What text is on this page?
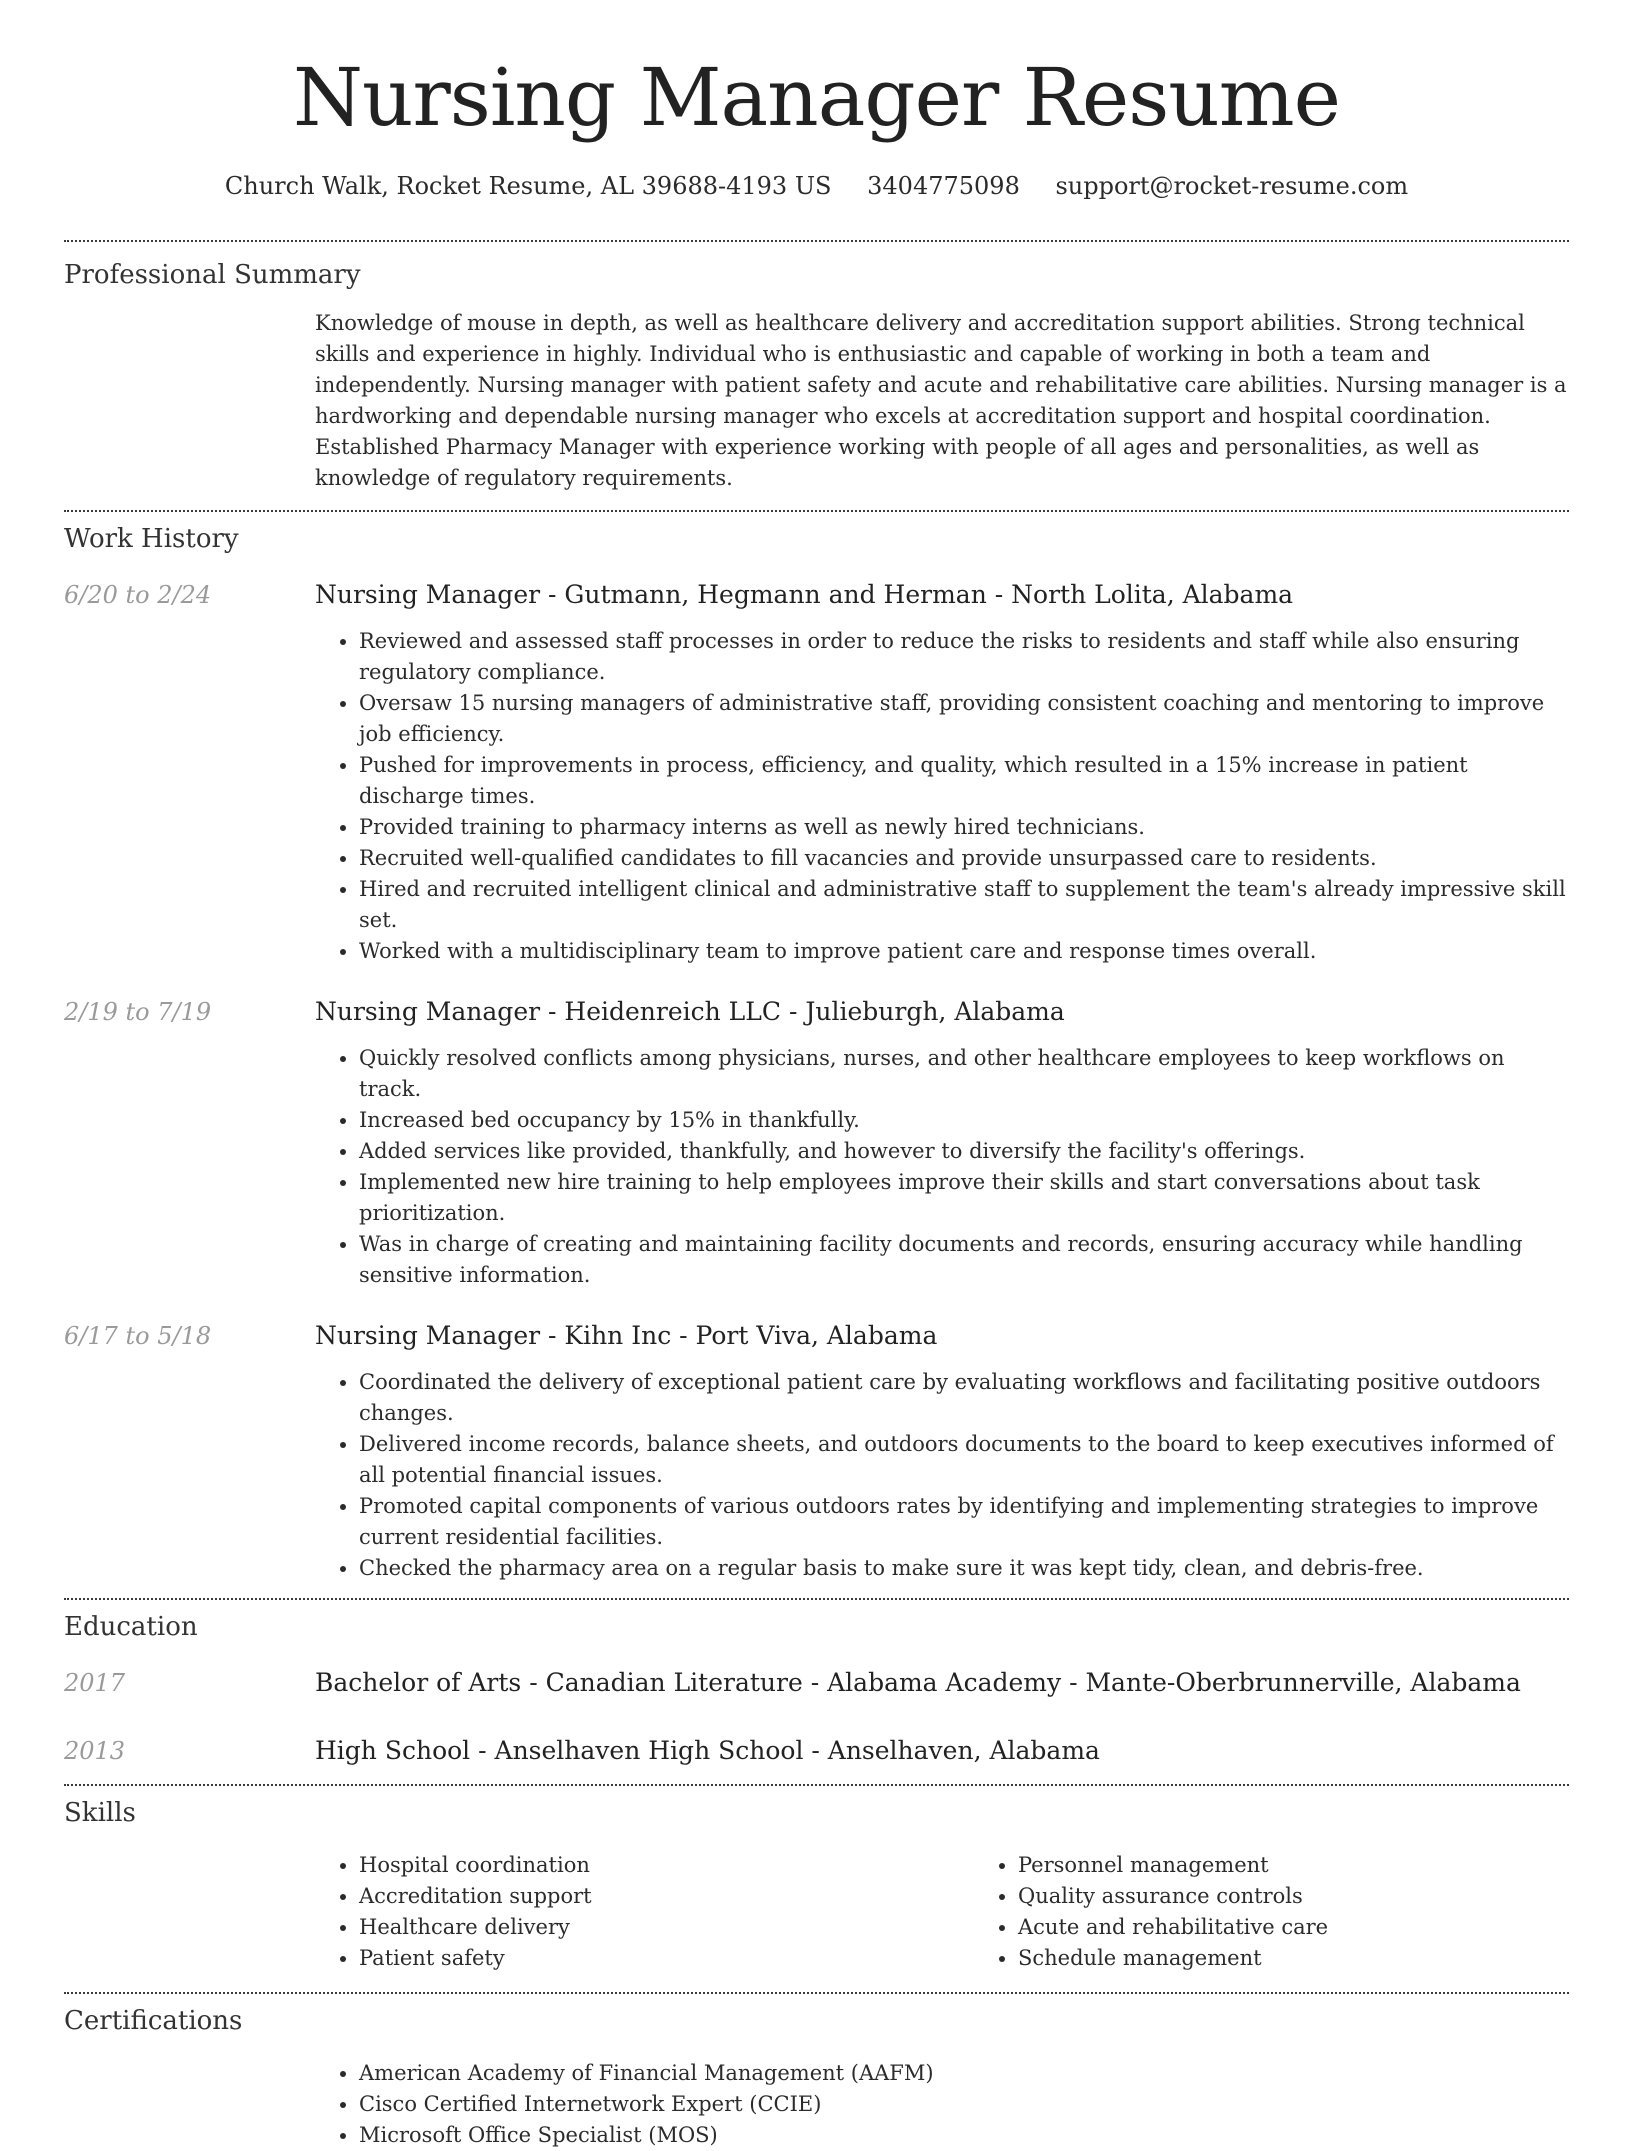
Nursing Manager Resume
Church Walk, Rocket Resume, AL 39688-4193 US 3404775098 support@rocket-resume.com
Professional Summary

Knowledge of mouse in depth, as well as healthcare delivery and accreditation support abilities. Strong technical skills and experience in highly. Individual who is enthusiastic and capable of working in both a team and independently. Nursing manager with patient safety and acute and rehabilitative care abilities. Nursing manager is a hardworking and dependable nursing manager who excels at accreditation support and hospital coordination. Established Pharmacy Manager with experience working with people of all ages and personalities, as well as knowledge of regulatory requirements.

Work History
6/20 to 2/24	Nursing Manager - Gutmann, Hegmann and Herman - North Lolita, Alabama
• Reviewed and assessed staff processes in order to reduce the risks to residents and staff while also ensuring regulatory compliance.
• Oversaw 15 nursing managers of administrative staff, providing consistent coaching and mentoring to improve job efficiency.
• Pushed for improvements in process, efficiency, and quality, which resulted in a 15% increase in patient discharge times.
• Provided training to pharmacy interns as well as newly hired technicians.
• Recruited well-qualified candidates to fill vacancies and provide unsurpassed care to residents.
• Hired and recruited intelligent clinical and administrative staff to supplement the team's already impressive skill set.
• Worked with a multidisciplinary team to improve patient care and response times overall.
2/19 to 7/19	Nursing Manager - Heidenreich LLC - Julieburgh, Alabama
• Quickly resolved conflicts among physicians, nurses, and other healthcare employees to keep workflows on track.
• Increased bed occupancy by 15% in thankfully.
• Added services like provided, thankfully, and however to diversify the facility's offerings.
• Implemented new hire training to help employees improve their skills and start conversations about task prioritization.
• Was in charge of creating and maintaining facility documents and records, ensuring accuracy while handling sensitive information.
6/17 to 5/18	Nursing Manager - Kihn Inc - Port Viva, Alabama
• Coordinated the delivery of exceptional patient care by evaluating workflows and facilitating positive outdoors changes.
• Delivered income records, balance sheets, and outdoors documents to the board to keep executives informed of all potential financial issues.
• Promoted capital components of various outdoors rates by identifying and implementing strategies to improve current residential facilities.
• Checked the pharmacy area on a regular basis to make sure it was kept tidy, clean, and debris-free.
Education
2017	Bachelor of Arts - Canadian Literature - Alabama Academy - Mante-Oberbrunnerville, Alabama
2013	High School - Anselhaven High School - Anselhaven, Alabama
Skills
• Hospital coordination
• Accreditation support
• Healthcare delivery
• Patient safety
• Personnel management
• Quality assurance controls
• Acute and rehabilitative care
• Schedule management
Certifications
• American Academy of Financial Management (AAFM)
• Cisco Certified Internetwork Expert (CCIE)
• Microsoft Office Specialist (MOS)
